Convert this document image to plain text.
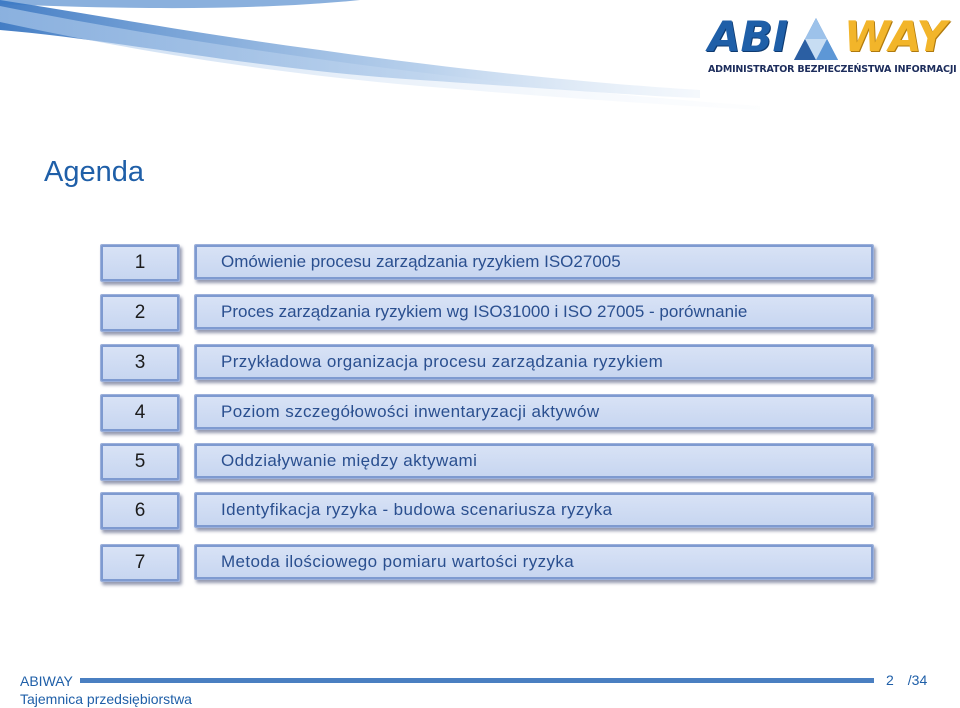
ABI WAY
ADMINISTRATOR BEZPIECZEŃSTWA INFORMACJI
Agenda
1	Omówienie procesu zarządzania ryzykiem ISO27005
2	Proces zarządzania ryzykiem wg ISO31000 i ISO 27005 - porównanie
3	Przykładowa organizacja procesu zarządzania ryzykiem
4	Poziom szczegółowości inwentaryzacji aktywów
5	Oddziaływanie między aktywami
6	Identyfikacja ryzyka - budowa scenariusza ryzyka
7	Metoda ilościowego pomiaru wartości ryzyka
ABIWAY
Tajemnica przedsiębiorstwa
2 /34
